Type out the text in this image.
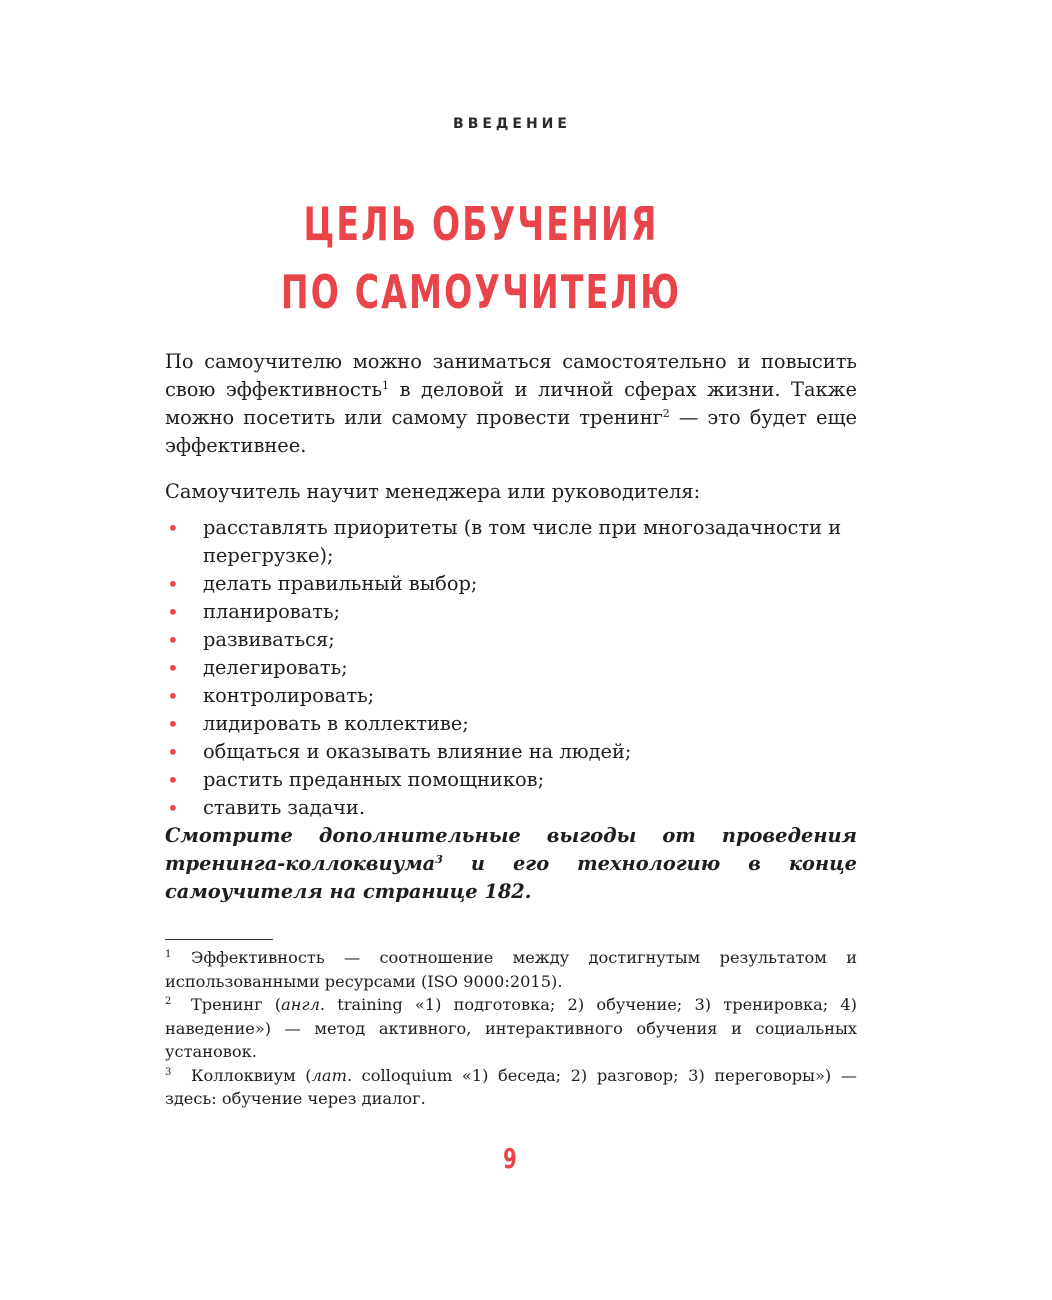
ВВЕДЕНИЕ
ЦЕЛЬ ОБУЧЕНИЯ
ПО САМОУЧИТЕЛЮ

По самоучителю можно заниматься самостоятельно и повысить свою эффективность$^1$ в деловой и личной сферах жизни. Также можно посетить или самому провести тренинг$^2$ — это будет еще эффективнее.

Самоучитель научит менеджера или руководителя:

• расставлять приоритеты (в том числе при многозадачности и перегрузке);
• делать правильный выбор;
• планировать;
• развиваться;
• делегировать;
• контролировать;
• лидировать в коллективе;
• общаться и оказывать влияние на людей;
• растить преданных помощников;
• ставить задачи.

Смотрите дополнительные выгоды от проведения тренинга-коллоквиума$^3$ и его технологию в конце самоучителя на странице 182.

1 Эффективность — соотношение между достигнутым результатом и использованными ресурсами (ISO 9000:2015).

2 Тренинг (англ. training «1) подготовка; 2) обучение; 3) тренировка; 4) наведение») — метод активного, интерактивного обучения и социальных установок.

3 Коллоквиум (лат. colloquium «1) беседа; 2) разговор; 3) переговоры») — здесь: обучение через диалог.

9
